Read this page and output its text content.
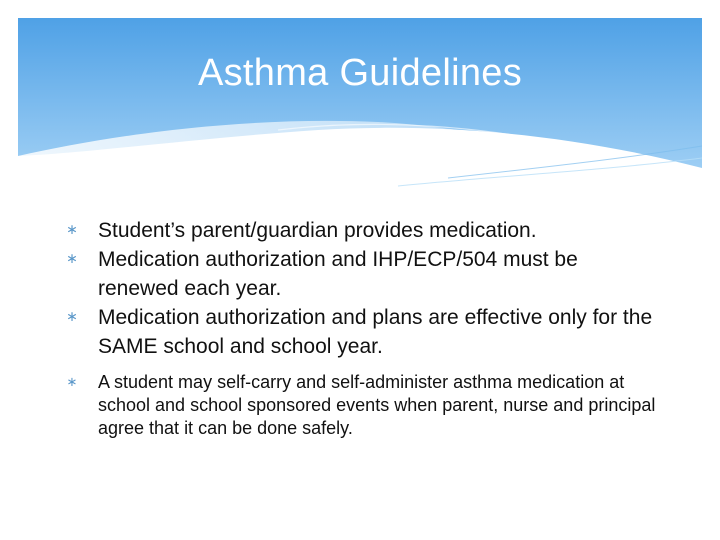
Asthma Guidelines
∗ Student’s parent/guardian provides medication.
∗ Medication authorization and IHP/ECP/504 must be renewed each year.
∗ Medication authorization and plans are effective only for the SAME school and school year.
∗ A student may self-carry and self-administer asthma medication at school and school sponsored events when parent, nurse and principal agree that it can be done safely.
